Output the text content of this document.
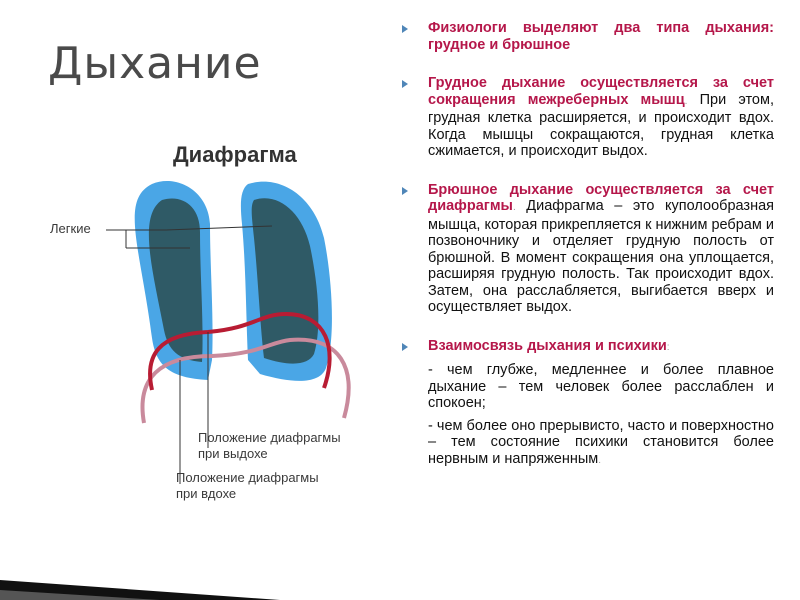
Дыхание
Диафрагма
Легкие
Положение диафрагмы
при выдохе
Положение диафрагмы
при вдохе
Физиологи выделяют два типа дыхания: грудное и брюшное
Грудное дыхание осуществляется за счет сокращения межреберных мышц. При этом, грудная клетка расширяется, и происходит вдох. Когда мышцы сокращаются, грудная клетка сжимается, и происходит выдох.
Брюшное дыхание осуществляется за счет диафрагмы. Диафрагма – это куполообразная мышца, которая прикрепляется к нижним ребрам и позвоночнику и отделяет грудную полость от брюшной. В момент сокращения она уплощается, расширяя грудную полость. Так происходит вдох. Затем, она расслабляется, выгибается вверх и осуществляет выдох.
Взаимосвязь дыхания и психики:
- чем глубже, медленнее и более плавное дыхание – тем человек более расслаблен и спокоен;
- чем более оно прерывисто, часто и поверхностно – тем состояние психики становится более нервным и напряженным.
